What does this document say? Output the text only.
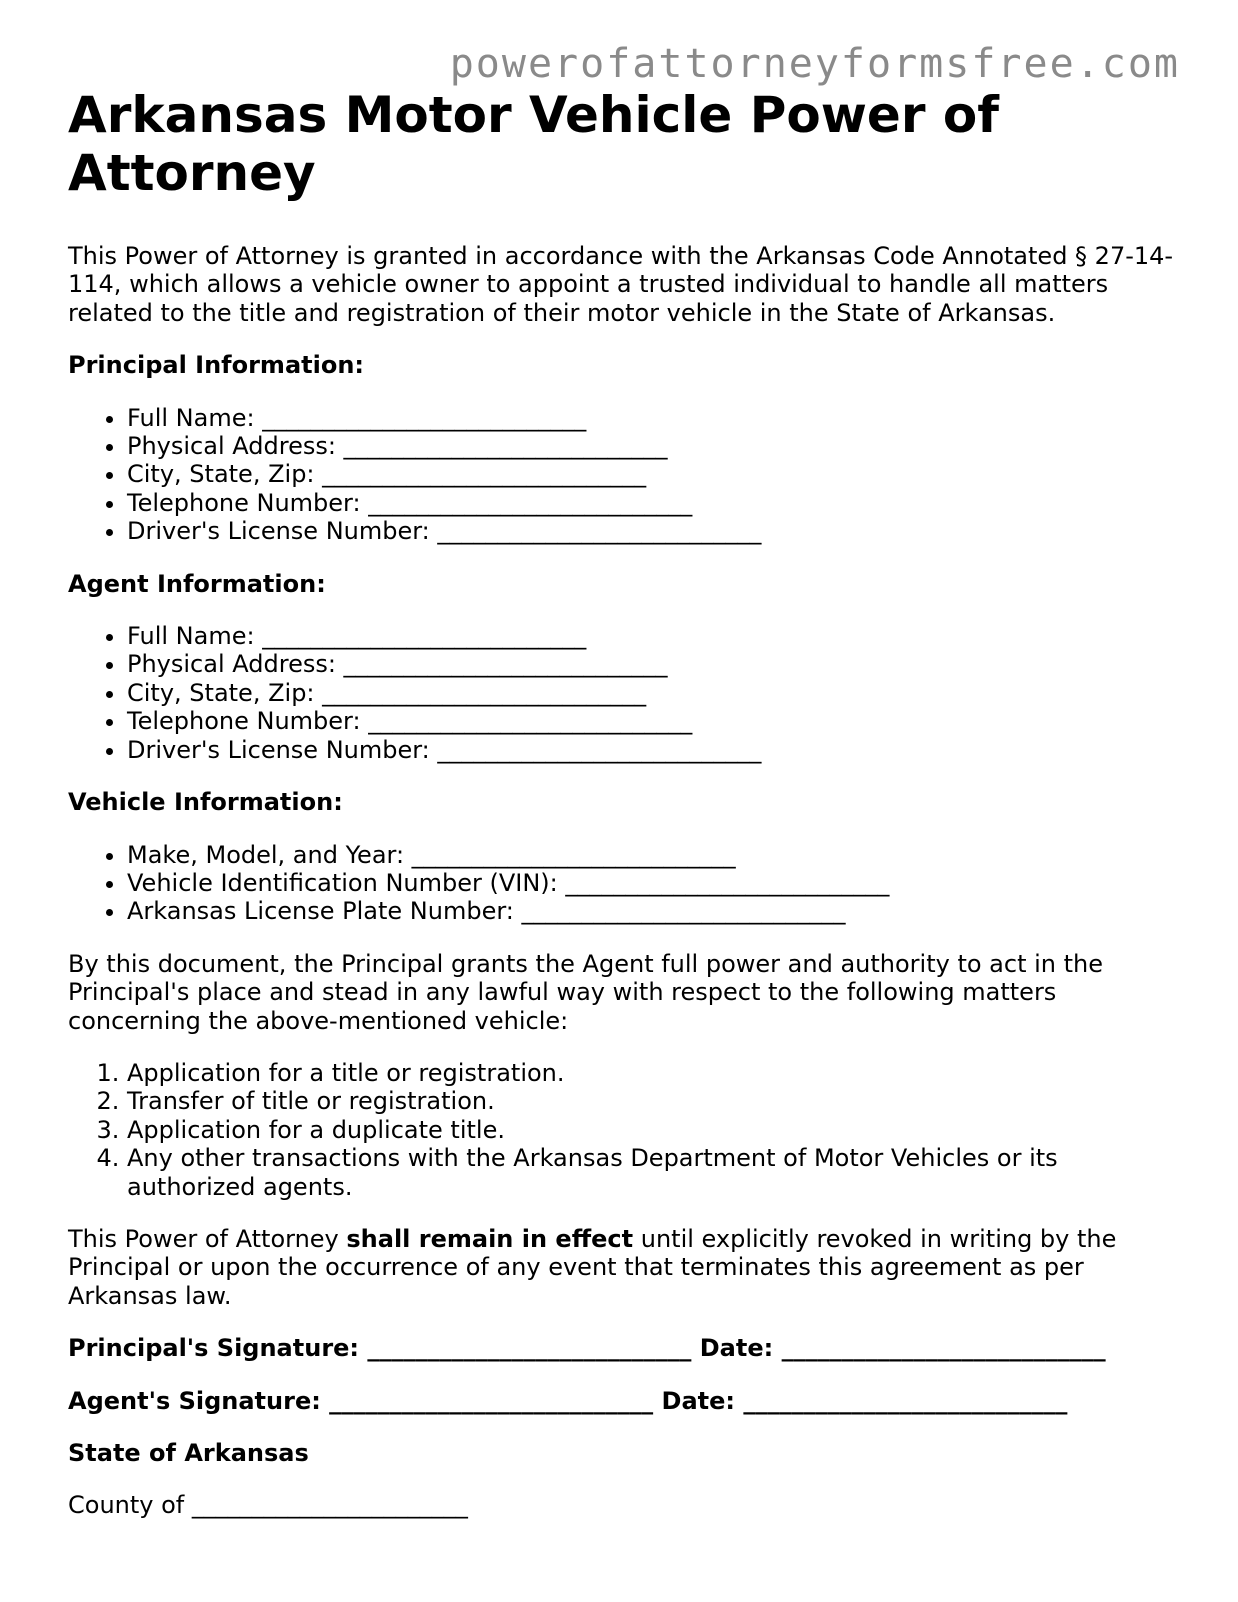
powerofattorneyformsfree.com
Arkansas Motor Vehicle Power of Attorney

This Power of Attorney is granted in accordance with the Arkansas Code Annotated § 27-14-114, which allows a vehicle owner to appoint a trusted individual to handle all matters related to the title and registration of their motor vehicle in the State of Arkansas.

Principal Information:

• Full Name: ___________________________
• Physical Address: ___________________________
• City, State, Zip: ___________________________
• Telephone Number: ___________________________
• Driver's License Number: ___________________________

Agent Information:

• Full Name: ___________________________
• Physical Address: ___________________________
• City, State, Zip: ___________________________
• Telephone Number: ___________________________
• Driver's License Number: ___________________________

Vehicle Information:

• Make, Model, and Year: ___________________________
• Vehicle Identification Number (VIN): ___________________________
• Arkansas License Plate Number: ___________________________

By this document, the Principal grants the Agent full power and authority to act in the Principal's place and stead in any lawful way with respect to the following matters concerning the above-mentioned vehicle:

1. Application for a title or registration.
2. Transfer of title or registration.
3. Application for a duplicate title.
4. Any other transactions with the Arkansas Department of Motor Vehicles or its authorized agents.

This Power of Attorney shall remain in effect until explicitly revoked in writing by the Principal or upon the occurrence of any event that terminates this agreement as per Arkansas law.

Principal's Signature: ___________________________ Date: ___________________________

Agent's Signature: ___________________________ Date: ___________________________

State of Arkansas

County of _______________________
